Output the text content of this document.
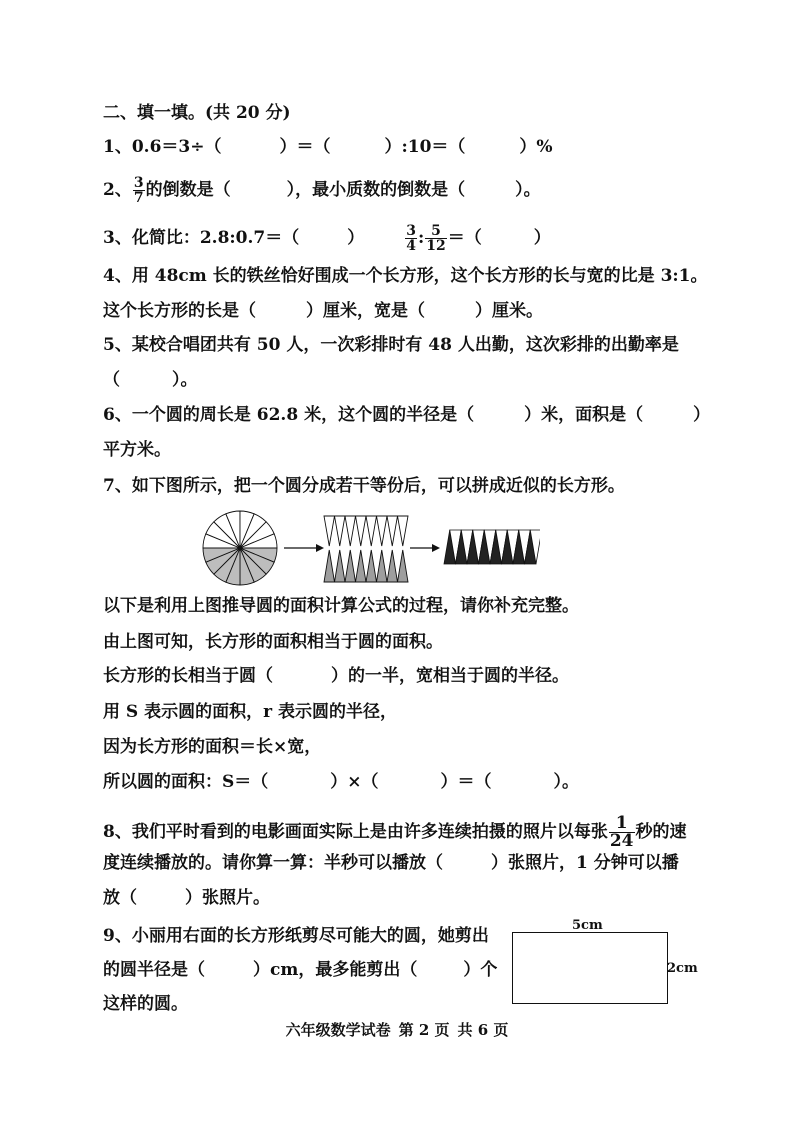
二、填一填。(共 20 分)
1、0.6＝3÷（	）＝（	）:10＝（	）%
2、 $\frac{3}{7}$ 的倒数是（	），最小质数的倒数是（	）。
3、化简比：2.8:0.7＝（	）	$\frac{3}{4}$ : $\frac{5}{12}$ ＝（	）
4、用 48cm 长的铁丝恰好围成一个长方形，这个长方形的长与宽的比是 3:1。
这个长方形的长是（	）厘米，宽是（	）厘米。
5、某校合唱团共有 50 人，一次彩排时有 48 人出勤，这次彩排的出勤率是
（	）。
6、一个圆的周长是 62.8 米，这个圆的半径是（	）米，面积是（	）
平方米。
7、如下图所示，把一个圆分成若干等份后，可以拼成近似的长方形。
以下是利用上图推导圆的面积计算公式的过程，请你补充完整。
由上图可知，长方形的面积相当于圆的面积。
长方形的长相当于圆（	）的一半，宽相当于圆的半径。
用 S 表示圆的面积，r 表示圆的半径，
因为长方形的面积＝长×宽，
所以圆的面积：S＝（	）×（	）＝（	）。
8、我们平时看到的电影画面实际上是由许多连续拍摄的照片以每张 $\frac{1}{24}$ 秒的速
度连续播放的。请你算一算：半秒可以播放（	）张照片，1 分钟可以播
放（	）张照片。
9、小丽用右面的长方形纸剪尽可能大的圆，她剪出
的圆半径是（	）cm，最多能剪出（	）个
这样的圆。
5cm
2cm
六年级数学试卷 第 2 页 共 6 页
